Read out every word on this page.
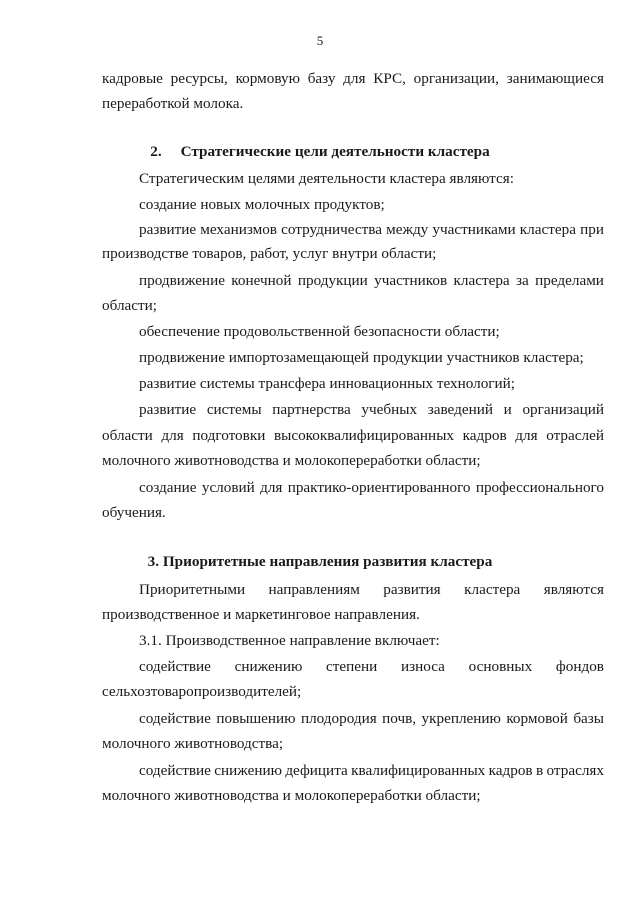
5
кадровые ресурсы, кормовую базу для КРС, организации, занимающиеся
переработкой молока.
2.  Стратегические цели деятельности кластера
Стратегическим целями деятельности кластера являются:
создание новых молочных продуктов;
развитие механизмов сотрудничества между участниками кластера при
производстве товаров, работ, услуг внутри области;
продвижение конечной продукции участников кластера за пределами
области;
обеспечение продовольственной безопасности области;
продвижение импортозамещающей продукции участников кластера;
развитие системы трансфера инновационных технологий;
развитие системы партнерства учебных заведений и организаций
области для подготовки высококвалифицированных кадров для отраслей
молочного животноводства и молокопереработки области;
создание условий для практико-ориентированного профессионального
обучения.
3. Приоритетные направления развития кластера
Приоритетными направлениям развития кластера являются
производственное и маркетинговое направления.
3.1. Производственное направление включает:
содействие снижению степени износа основных фондов
сельхозтоваропроизводителей;
содействие повышению плодородия почв, укреплению кормовой базы
молочного животноводства;
содействие снижению дефицита квалифицированных кадров в отраслях
молочного животноводства и молокопереработки области;
